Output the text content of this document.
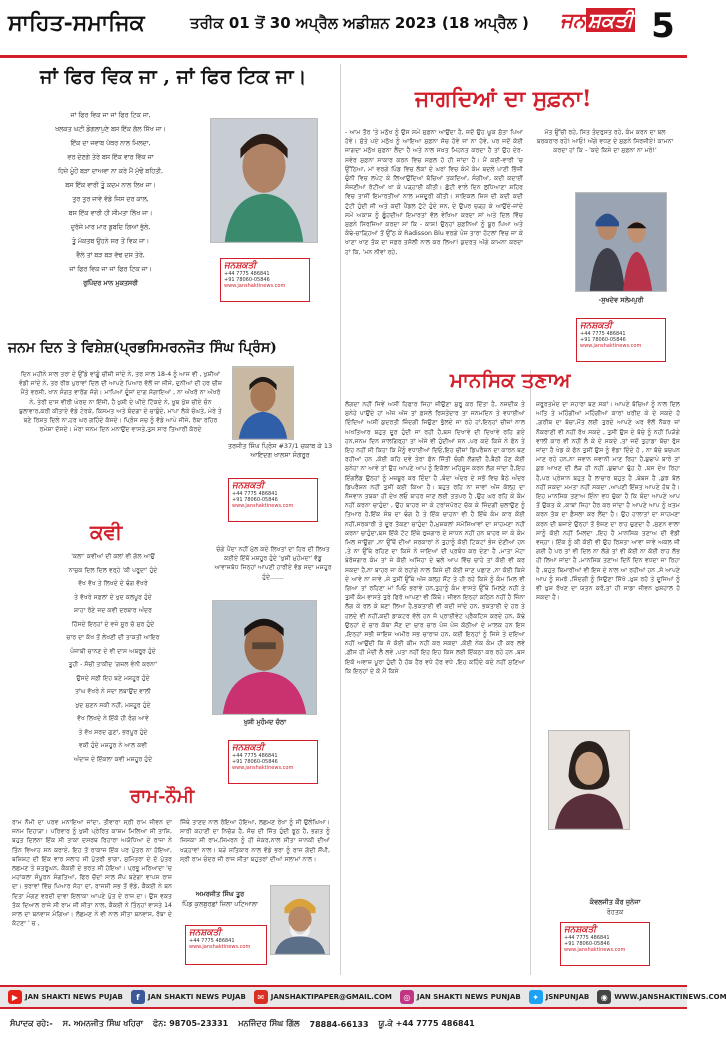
ਸਾਹਿਤ-ਸਮਾਜਿਕ	ਤਰੀਕ 01 ਤੋਂ 30 ਅਪ੍ਰੈਲ ਅਡੀਸ਼ਨ 2023 (18 ਅਪ੍ਰੈਲ ) ਜਨ ਸ਼ਕਤੀ 5
ਜਾਂ ਫਿਰ ਵਿਕ ਜਾ , ਜਾਂ ਫਿਰ ਟਿਕ ਜਾ।

ਜਾਂ ਫਿਰ ਵਿਕ ਜਾ ਜਾਂ ਫਿਰ ਟਿਕ ਜਾ,

ਖਲਕਤ ਘਟੀ ਡੋਗਲਾਪੁਣੇ ਬਸ ਇੱਕ ਗੱਲ ਸਿੱਖ ਜਾ।

ਇੱਕ ਦਾ ਜਵਾਬ ਪੱਥਰ ਨਾਲ ਮਿਲਦਾ,

ਵਰ ਦੇਣਗੇ ਤੇਰੇ ਬਸ ਇੱਕ ਵਾਰ ਵਿੱਕ ਜਾ

ਹਿਜ਼ੇ ਮੂੰਹੋਂ ਬੜਾ ਦਾਅਵਾ ਨਾ ਕਰੇ ਮੈਂ ਮੁੱਢੋਂ ਬਹਿਤੀ,

ਬਸ ਇੱਕ ਵਾਰੀ ਤੂੰ ਕਦਮ ਨਾਲ ਲਿਖ ਜਾ।

ਤੁਰ ਤੁਰ ਜਾਵੇ ਵੱਡੇ ਜਿਸ ਦਰ ਕਾਲ,

ਬਸ ਇੱਕ ਵਾਰੀ ਹੀ ਸੀਮਤਾ ਲਿੱਖ ਜਾ।

ਦੁਰੱਜੇ ਮਾਰ ਮਾਰ ਡੁਬਦਿ ਗਿਆਂ ਭੁੱਲੇ,

ਤੂੰ ਮੱਕਤਬ ਉਹਨੇ ਸਰ ਤੋਂ ਵਿਕ ਜਾ।

ਵੈਲੇ ਤਾਂ ਬੜ ਬੜ ਵੱਢ ਦਸ ਤੇਰੇ,

ਜਾਂ ਫਿਰ ਵਿਕ ਜਾ ਜਾਂ ਫਿਰ ਟਿਕ ਜਾ।

ਰੁਪਿੰਦਰ ਮਾਨ ਮੁਕਤਸਰੀ

ਜਨਸ਼ਕਤੀ
+44 7775 486841
+91 78060-05846
www.janshaktinews.com
ਜਨਮ ਦਿਨ ਤੇ ਵਿਸ਼ੇਸ਼(ਪ੍ਰਭਸਿਮਰਨਜੋਤ ਸਿੰਘ ਪ੍ਰਿੰਸ)
ਦਿਨ ਮਹੀਨੇ ਸਾਲ ਤਰਾ ਦੇ ਉੱਡੇ ਵਾਂਗੂੰ ਚੀਜ਼ੀ ਜਾਂਦੇ ਨੇ, ਤਰ ਸਾਲ 18-4 ਨੂੰ ਆਜ ਵੀ , ਖੁਸ਼ੀਆਂ ਵੰਡੀ ਜਾਂਦੇ ਨੇ, ਤਰ ਰੀਝ ਪੁਰਾਵਾਂ ਦਿਲ ਦੀ ਆਪਣੇ ਪਿਆਰ ਵੱਲੋਂ ਜਾ ਜੀਜੇ, ਦੁਨੀਆਂ ਦੀ ਹਰ ਚੀਜ਼ ਮੈਂਤੇ ਵਰਸੀ, ਖਾਨ ਸੰਗਤ ਵਾਰੋਂਗ ਜੱਗੇ। ਮਾਪਿਆਂ ਦੂੰਜਾਂ ਦਾਗ ਸੋਗਾਇਆਂ , ਨਾ ਅੱਖਰੋ ਨਾ ਅੱਖਰੋ ਨੇ, ਤੇਰੀ ਦਾਸ ਵੀਰੀ ਘੇਰਦ ਨਾ ਇੱਜੀ, ਹੈ ਖੁਸ਼ੀ ਦੇ ਘੀਏ ਟਿੱਕਦੇ ਨੇ, ਖੂਬ ਖੁੱਸ਼ ਚੀਏ ਚੰਨ ਬੁਲਾਵਾਰ,ਕਰੀ ਕੀਤਾਏ ਵੱਡੇ ਟੇਰਕੇ, ਕਿਸਮਤ ਅਤੇ ਬੰਦਗਾ ਦੇ ਚਾਬੁੰਦੇ, ਮਾਪਾ ਲੋਕੇ ਚੰਘਤੇ, ਮੇਰੇ ਤੇ ਬਣੇ ਰਿਸ਼ਤ ਦਿਲੇ ਨਾ,ਹਰ ਘਰ ਗਹਿੰਦੇ ਕੱਸਦੇ। ਪ੍ਰਿੰਸ ਸਚ ਨੂੰ ਵੱਡੇ ਆਪੇ ਜੀਜੇ, ਰੱਬਾ ਰਹਿਰ ਰਮੇਸ਼ਾ ਦੱਸਦੇ। ਮੇਰਾ ਜਨਮ ਦਿਨ ਮਨਾਉਂਦ ਵਾਸਤੇ,ਤੁਸ ਸਾਰ ਤਿਆਰੀ ਕੱਰਦੇ
ਤਰਜੀਤ ਸਿੰਘ ਪ੍ਰਿੰਸ #37/1 ਚਕਾਬ ਕੇ 13 ਆਇਦਗ ਖਾਲਸਾ ਸੰਗਰੂਰ
ਜਨਸ਼ਕਤੀ
+44 7775 486841
+91 78060-05846
www.janshaktinews.com
ਕਵੀ

'ਕਲਾ' ਕਵੀਆਂ ਦੀ ਕਲਾਂ ਵੀ ਗੱਲ ਆਉਂ

ਨਾਜ਼ੁਕ ਦਿਲ ਦਿਲ ਵਰ੍ਹੇ 'ਕੀ ਪਰੂਦਾ' ਹੁੰਦੇ

ਵੱਖ ਵੱਖ ਤੇ ਲਿਖਦੇ ਦੇ ਢੰਗ ਵੱਖਰੇ

ਤੇ ਵੱਖਰੇ ਸਫ਼ਲਾਂ ਦੇ ਖੁਦ ਕਲਪੂਰ ਹੁੰਦੇ

ਸ਼ਾਹਾ ਰੋਣੇ ਜਦ ਕਵੀ ਦਰਬਾਰ ਅੰਦਰ

ਹਿੱਸਦੇ ਇਨ੍ਹਾਂ ਦੇ ਵਜੇ ਸੂਰ ਚੋ ਸੁਰ ਹੁੰਦੇ

ਚਾਰ ਦਾ ਕੱਖ ਤੋਂ ਲੇਖਣੀ ਦੀ ਤਾਕਤੀ ਆਇਰ

ਪੰਜਾਬੀ ਚਾਨਣ ਦੇ ਵੀ ਦਾਸ ਅਬਰੂਰ ਹੁੰਦੇ

ਤੂਹੀ - ਸੱਚੀ ਤਾਕੀਦ 'ਗਜ਼ਲ ਵੰਨੀ ਕਰਨਾ'

ਉਸਦੇ ਸਫ਼ੀ ਇਹ ਬਣੇ ਮਸ਼ਹੂਰ ਹੁੰਦੇ

ਤਾਂਘ ਵੱਖਰੇ ਨੇ ਸਦਾ ਲਬਾਉਂਦ ਵਾਲੀ

ਖੁਦ ਸੁਣਨ ਸਕੀ ਨਹੀਂ, ਮਸ਼ਹੂਰ ਹੁੰਦੇ

ਵੱਖ ਲਿਖਦੇ ਨੇ ਇੱਕੋ ਹੀ ਰੰਗ ਆਵੇ

ਤੇ ਵੱਖ ਸਰਦ ਗੁਣਾਂ, ਭਰਪੂਰ ਹੁੰਦੇ

ਵਕੀ ਹੁੰਦੇ ਮਸ਼ਹੂਰ ਨੇ ਆਲ ਕਵੀ

ਅੰਦਾਜ਼ ਦੇ ਇੱਕਲਾ ਕਵੀ ਮਸ਼ਹੂਰ ਹੁੰਦੇ

ਚੰਗੇ ਪੈਂਦਾ ਨਹੀਂ ਮੁੱਲ ਕਦੇ ਲਿਖਤਾਂ ਦਾ ਹਿਰ ਦੀ ਲਿਖਤ ਕਈਏ ਇੱਥੋਂ ਮਸ਼ਹੂਰ ਹੁੰਦੇ 'ਖੁਸ਼ੀ ਮੁਹੰਮਦਾ' ਵੱਡੂ ਆਵਾਜ਼ਬੱਧ ਜਿਨ੍ਹਾਂ ਆਪਣੀ ਹਾਰੀਏ ਵੱਡ ਸਦਾ ਮਸ਼ਹੂਰ ਹੁੰਦੇ.......
ਖੁਸ਼ੀ ਮੁਹੰਮਦ ਚੱਠਾ
ਜਨਸ਼ਕਤੀ
+44 7775 486841
+91 78060-05846
www.janshaktinews.com
ਰਾਮ-ਨੌਮੀ
ਰਾਮ ਨੌਮੀ ਦਾ ਪਰਵ ਮਨਾਇਆ ਜਾਂਦਾ, ਤੀਵਾਰਾ ਸ੍ਰੀ ਰਾਮ ਜੀਵਨ ਦਾ ਜਨਮ ਦਿਹਾੜਾ। ਪਰਿਵਾਰ ਨੂੰ ਖੁਸ਼ੀ ਪ੍ਰੇਰਿਤ ਕਾਸ਼ਮ ਮਿਲਿਆ ਸੀ ਤਾਸ਼ਿ, ਬਹੁਤ ਦਿਲਨਾ ਇੱਕ ਸੀ ਤਾਕਾ ਦਸਰਥ ਰਿਹਾਰਾ ਅਯੋਧਿਆ ਦੇ ਰਾਜਾ ਨੇ ਤਿੰਨ ਵਿਆਹ ਸਨ ਕਰਾਏ, ਇਹ ਤੋਂ ਰਾਕਾਜ ਇੱਕ ਪਰ ਪੁੱਤਰ ਨਾ ਹੋਇਆ, ਬਸ਼ਿਸ਼ਟ ਦੀ ਇੱਕ ਵਾਰ ਸਲਾਹ ਸੀ ਪੁੱਤਰੀ ਭਾਗਾ, ਸੁਮਿੱਤਰਾ ਦੇ ਦੋ ਪੁੱਤਰ ਲਛਮਣ ਤੇ ਸ਼ਤਰੂਘਨ, ਕੈਕਈ ਦੇ ਭਰਤ ਸੀ ਹੋਇਆ। ਪ੍ਰਭੂ ਮਰਿਆਦਾ 'ਚ ਮਹਾਂਕਲਾ ਸੰਪੂਰਨ ਸੰਗਤਿਆਂ, ਫਿਰ ਚੌਦਾਂ ਸਾਲ ਸੌਂਪ ਬਣੇਗਾ ਵਾਪਸ ਰਾਜ ਦਾ। ਭਰਾਵਾਂ ਵਿੱਚ ਪਿਆਰ ਸੋਹਾ ਦਾ, ਰਾਜਸੀ ਸਭ ਤੋਂ ਵੱਡੇ, ਕੈਕਈ ਨੇ ਬਨ ਦਿਤਾ ਮੰਗਣ ਵਰਦੀ ਦਾਵਾ ਇਲਾਕਾ ਆਪਣੇ ਪੁੱਤ ਦੇ ਰਾਜ ਦਾ। ਉਸ ਵਕਤ ਤੱਕ ਦਿਆਲ ਰਾਜੇ ਸੀ ਰਾਮ ਜੀ ਸੀਤਾ ਨਾਲ, ਕੈਕਈ ਨੇ ਤਿੰਨ੍ਹਾਂ ਵਾਸਤੇ 14 ਸਾਲ ਦਾ ਬਨਵਾਸ ਮੰਗਿਆ। ਲੱਛਮਣ ਨੇ ਵੀ ਨਾਲ ਸੀਤਾ ਬਨਵਾਸ, ਰੱਬਾ ਦੇ ਕੱਟਣਾ ' ਚ ,
ਜਿੱਥੇ ਤਾਣਦ ਨਾਲ ਰੋਇਆ ਹੋਇਆ, ਲਛਮਣ ਰੇਖਾ ਨੂੰ ਸੀ ਉਲੰਘਿਆ। ਸਾਰੀ ਕਹਾਣੀ ਦਾ ਨਿਚੋੜ ਹੈ, ਸੱਚ ਦੀ ਜਿੱਤ ਹੁੰਦੀ ਝੂਠ ਹੈ, ਭਗਤ ਨੂੰ ਜਿਸਕਾ ਸੀ ਰਾਮ,ਸਿਮਰਨ ਨੂੰ ਹੀ ਜੇਕਰ,ਨਾਲ ਸੀਤਾ ਜਾਨਕੀ ਦੀਆਂ ਖੜ੍ਹਾਵਾਂ ਨਾਲ। ਬੜੇ ਸਤਿਕਾਰ ਨਾਲ ਵੱਡੇ ਭਰਾ ਨੂੰ ਰਾਜ ਗੱਦੀ ਸੌਂਪੀ, ਸ੍ਰੀ ਰਾਮ ਚੰਦਰ ਜੀ ਰਾਜ ਸੀਤਾ ਬਹੁਤਰਾਂ ਦੀਆਂ ਸਲਾਮਾਂ ਨਾਲ।
ਅਮਰਜੀਤ ਸਿੰਘ ਤੂਰ
ਪਿੰਡ ਕੁਲਬੁਰਛਾਂ ਜ਼ਿਲਾ ਪਟਿਆਲਾ
ਜਨਸ਼ਕਤੀ
+44 7775 486841
www.janshaktinews.com
ਜਾਗਦਿਆਂ ਦਾ ਸੁਫ਼ਨਾ!
- ਆਮ ਤੌਰ 'ਤੇ ਮਨੁੱਖ ਨੂੰ ਉਸ ਸਮੇਂ ਸੁਫ਼ਨਾ ਆਉਂਦਾ ਹੈ, ਜਦੋਂ ਉਹ ਘੂਕ ਸੁੱਤਾ ਪਿਆ ਹੋਵੇ। ਸੁੱਤੇ ਪਏ ਮਨੁੱਖ ਨੂੰ ਆਇਆ ਸੁਫ਼ਨਾ ਸੱਚ ਹੋਵੇ ਜਾਂ ਨਾ ਹੋਵੇ, ਪਰ ਜਦੋਂ ਕੋਈ ਜਾਗਦਾ ਮਨੁੱਖ ਸੁਫ਼ਨਾ ਲੈਂਦਾ ਹੈ ਅਤੇ ਨਾਲ ਸਖ਼ਤ ਮਿਹਨਤ ਕਰਦਾ ਹੈ ਤਾਂ ਉਹ ਦੇਰ-ਸਵੇਰ ਸੁਫ਼ਨਾ ਸਾਕਾਰ ਕਰਨ ਵਿਚ ਸਫ਼ਲ ਹੋ ਹੀ ਜਾਂਦਾ ਹੈ। ਮੈਂ ਕਈ-ਵਾਰੀ 'ਚ ਉੱਠਿਆ, ਮਾਂ ਵਰਗੇ ਪਿੰਡ ਵਿਚ ਲੋਕਾਂ ਦੇ ਘਰਾਂ ਵਿਚ ਕੰਮੋਂ ਕੰਮ ਬਦਲੇ ਪਾਣੀ ਭਿੱਜੀ ਚੁੰਨੀ ਵਿਚ ਲਪੇਟ ਕੇ ਲਿਆਉਂਦਿਆਂ ਬੱਚਿਆਂ ਤਕਦਿਆਂ, ਸੰਗੀਆਂ, ਕਦੀ ਕਦਾਈਂ ਸੰਜਣੀਆਂ ਰੋਟੀਆਂ ਖਾ ਕੇ ਪੜ੍ਹਾਈ ਕੀਤੀ। ਛੁੱਟੀ ਵਾਲੇ ਦਿਨ ਲੁਧਿਆਣਾ ਸ਼ਹਿਰ ਵਿਚ ਤਾਸੀਂ ਇਮਾਰਤੀਆਂ ਨਾਲ ਮਜ਼ਦੂਰੀ ਕੀਤੀ। ਸਾਇਕਲ ਜ਼ਿਸ ਦੀ ਕਦੀ ਕਦੀ ਟੁੱਟੀ ਹੁੰਦੀ ਸੀ ਅਤੇ ਕਦੀ ਪੈਂਡਲ ਟੁੱਟੇ ਹੁੰਦੇ ਸਨ, ਦੇ ਉਪਰ ਚੜ੍ਹ ਕੇ ਆਉਂਦੇ-ਜਾਂਦੇ ਸਮੇਂ ਅਕਾਸ਼ ਨੂੰ ਛੂੰਹਦੀਆਂ ਇਮਾਰਤਾਂ ਵੱਲ ਵੇਖਿਆ ਕਰਦਾ ਸਾਂ ਅਤੇ ਦਿਲ ਵਿੱਚ ਸੁਫ਼ਨੇ ਸਿਰਜਿਆ ਕਰਦਾ ਸਾਂ ਕਿ - ਕਾਸ਼! ਉਨ੍ਹਾਂ ਸੁਫ਼ਨਿਆਂ ਨੂੰ ਬੂਰ ਪਿਆ ਅਤੇ ਕੰਢੇ-ਚਾੜ੍ਹਿਆਂ ਤੋਂ ਉੱਠ ਕੇ Radisson Blu ਵਰਗੇ ਪੰਜ ਤਾਰਾ ਹੋਟਲਾਂ ਵਿਚ ਜਾ ਕੇ ਖਾਣਾ ਖਾਣ ਤੱਕ ਦਾ ਸਫ਼ਰ ਤਸੱਲੀ ਨਾਲ ਕਰ ਲਿਆ! ਕੁਦਰਤ ਅੱਗੇ ਕਾਮਨਾ ਕਰਦਾ ਹਾਂ ਕਿ, 'ਮਨ ਨੀਵਾਂ ਰਹੇ,
ਮੱਤ ਉੱਚੀ ਰਹੇ, ਸਿਤ ਤੰਦਰੁਸਤ ਰਹੇ, ਕੰਮ ਕਰਨ ਦਾ ਬਲ ਬਰਕਰਾਰ ਰਹੇ! ਆਓ! ਅੱਗੇ ਵਧਣ ਦੇ ਸੁਫ਼ਨੇ ਸਿਰਜੀਏ! ਕਾਮਨਾ ਕਰਦਾ ਹਾਂ ਕਿ - 'ਕਦੇ ਕਿਸੇ ਦਾ ਸੁਫ਼ਨਾ ਨਾ ਮਰੇ!'
-ਸੁਖਦੇਵ ਸਲੇਮਪੁਰੀ
ਜਨਸ਼ਕਤੀ
+44 7775 486841
+91 78060-05846
www.janshaktinews.com
ਮਾਨਸਿਕ ਤਣਾਅ
ਲੱਗਦਾ ਨਹੀਂ ਜਿਵੇਂ ਅਸੀਂ ਹਿਫਾਰ ਜਿਹਾ ਜੀਉਣਾ ਸ਼ੁਰੂ ਕਰ ਦਿੱਤਾ ਹੈ, ਨਜ਼ਦੀਕ ਤੇ ਸੁਨੇਹੇ ਪਾਉਂਦੇ ਹਾਂ ਅੱਜ ਅੱਜ ਤਾਂ ਫ਼ਸਲੇ ਰਿਸ਼ਤੇਦਾਰ ਤਾ ਜਨਮਦਿਨ ਤੇ ਵਧਾਈਆਂ ਦਿੰਦਿਆਂ ਅਸੀਂ ਕੁਦਰਤੀ ਜ਼ਿੰਦਗੀ ਜਿਉਣਾ ਭੁੱਲਦੇ ਜਾ ਰਹੇ ਹਾਂ,ਇਨ੍ਹਾਂ ਚੀਜ਼ਾਂ ਨਾਲ ਅਖਤਿਆਰ ਬਹੁਤ ਦੂਰ ਹੁੰਦੀ ਜਾ ਰਹੀ ਹੈ,ਬਸ ਦਿਖਾਵੇ ਦੀ ਦਿਖਾਵੇ ਰਹਿ ਗਏ ਹਨ,ਜਨਮ ਦਿਨ ਸਾਲਗਿਰ੍ਹਾ ਤਾਂ ਅੱਜੇ ਵੀ ਹੁੰਦੀਆਂ ਸਨ ,ਪਰ ਕਦੇ ਕਿਸੇ ਨੇ ਫੋਨ ਤੇ ਇਹ ਨਹੀਂ ਸੀ ਕਿਹਾ ਕਿ ਮੈਂਨੂੰ ਵਧਾਈਆਂ ਦਿਓ,ਇਹ ਚੀਜ਼ਾਂ ਡਿਪਰੈਸ਼ਨ ਦਾ ਕਾਰਨ ਬਣ ਰਹੀਆਂ ਹਨ ,ਕੋਈ ਕਹਿ ਦਵੇ ਤੇਰਾ ਫੋਨ ਜਿੱਤੀ ਚੰਗੀ ਲੱਗਦੀ ਹੈ,ਬੈਠੀ ਹੋਣ ਕੋਈ ਸੁਨੇਹਾ ਨਾ ਆਵੇ ਤਾਂ ਉਹ ਆਪਣੇ ਆਪ ਨੂੰ ਇਕੱਲਾ ਮਹਿਸੂਸ ਕਰਨ ਲੱਗ ਜਾਂਦਾ ਹੈ,ਇਹ ਇੰਗਲੈਂਡ ਉਨ੍ਹਾਂ ਨੂੰ ਮਜ਼ਬੂਰ ਕਰ ਦਿੰਦਾ ਹੈ ,ਬੰਦਾ ਅੰਦਰ ਦੇ ਸਭੋਂ ਵਿਚ ਬੈਠੇ ਅੰਦਰ ਡਿਪਰੈਸ਼ਨ ਨਹੀਂ ਤੁਸੀਂ ਕਈ ਕਿਆ ਹੈ। ਬਹੁਤ ਰਹਿ ਨਾ ਜਾਵਾਂ ਅੱਜ ਕੱਲ੍ਹ ਦਾ ਨੌਜਵਾਨ ਤਬਕਾ ਹੀ ਦੇਖ ਲਓ ਬਾਹਰ ਜਾਣ ਲਈ ਤਤਪਰ ਹੈ ,ਉਹ ਘਰ ਰਹਿ ਕੇ ਕੰਮ ਨਹੀਂ ਕਰਨਾ ਚਾਹੁੰਦਾ , ਉਹ ਬਾਹਰ ਜਾ ਕੇ ਟਰਾਂਸਪੋਰਟ ਚੱਕ ਕੇ ਜਿੰਦਗੀ ਚਲਾਉਣ ਨੂੰ ਤਿਆਰ ਹੈ,ਇੱਕ ਸੰਬ ਦਾ ਢੰਗ ਹੈ ਤੇ ਇੱਕ ਚਾਹਨਾ ਵੀ ਹੈ ਇੱਥੇ ਕੰਮ ਕਾਰ ਕੋਈ ਨਹੀਂ,ਸਰਕਾਰੀ ਤੇ ਦੂਰ ਤੱਕਣਾ ਚਾਹੁੰਦਾ ਹੈ,ਮੁਸ਼ਕਲਾਂ ਸਮੱਸਿਆਵਾਂ ਦਾ ਸਾਹਮਣਾ ਨਹੀਂ ਕਰਨਾ ਚਾਹੁੰਦਾ,ਬਸ ਇੱਕੋ ਟੱਟ ਇੱਥੇ ਰੁਜ਼ਗਾਰ ਦੇ ਸਾਧਨ ਨਹੀਂ ਹਨ ਬਾਹਰ ਜਾ ਕੇ ਕੰਮ ਮਿਲ ਜਾਊਗਾ ,ਨਾ ਉੱਥੋਂ ਦੀਆਂ ਸਰਕਾਰਾਂ ਨੇ ਤੁਹਾਨੂੰ ਕੋਈ ਟਿਕਟਾਂ ਭੇਜ ਦੇਣੀਆਂ ਹਨ ,ਤੇ ਨਾ ਉੱਥੇ ਰਹਿਣ ਦਾ ਕਿਸੇ ਨੇ ਜਾਇਆਂ ਦੀ ਪ੍ਰਬੰਧ ਕਰ ਦੇਣਾ ਹੈ ,ਮਾਤਾ ਮੋਟਾ ਬੇਰੋਜ਼ਗਾਰ ਕੰਮ ਤਾਂ ਜੇ ਕੋਈ ਅਜਿਹਾ ਦੇ ਢਲੇ ਆਪ ਵਿੱਚ ਚਾਹੇ ਤਾਂ ਕੋਈ ਵੀ ਕਰ ਸਕਦਾ ਹੈ,ਨਾ ਬਾਹਰ ਜਾ ਕੇ ਰਹਾਂਗੇ ਨਾਲ ਕਿਸੇ ਦੀ ਕੋਈ ਜਾਣ ਪਛਾਣ ,ਨਾ ਕੋਈ ਕਿਸੇ ਦੇ ਆਵੇ ਨਾ ਜਾਵੇ ,ਜੇ ਤੁਸੀਂ ਉੱਥੇ ਅੱਜ ਕਲ੍ਹ ਸੌਂਟ ਤੇ ਹੀ ਰਹੇ ਕਿਸੇ ਨੂੰ ਕੰਮ ਮਿਲ ਵੀ ਗਿਆ ਤਾਂ ਰਹਿਣਾ ਮਾਂ ਪਿਓ ਭਰਾਵੇ ਹਨ,ਤੁਹਾਨੂੰ ਕੰਮ ਵਾਸਤੇ ਉੱਥੇ ਮਿਲਣੇ ਨਹੀਂ ਤੇ ਤੁਸੀਂ ਕੰਮ ਵਾਸਤੇ ਤੁਰੇ ਫਿਰੋ ਆਪਣਾ ਵੀ ਕਿੱਥੇ। ਜੀਵਨ ਇਨ੍ਹਾਂ ਕਠਿਨ ਨਹੀਂ ਹੈ ਜਿੰਨਾ ਲੱਗ ਕੇ ਰਲ ਕੇ ਬਣਾ ਲਿਆ ਹੈ,ਭਕਤਾਈ ਵੀ ਕਦੀ ਜਾਂਦੇ ਹਨ, ਭਕਤਾਈ ਦੇ ਹਰ ਤੇ ਹਲਦੇ ਵੀ ਨਹੀਂ,ਕਦੀ ਡਾਕਟਰ ਵੱਲੇ ਹਨ ਜੋ ਪ੍ਰਾਈਵੇਟ ਪ੍ਰੈਕਟਿਸ ਕਰਦੇ ਹਨ, ਕੱਢੇ ਉਨ੍ਹਾਂ ਦੇ ਚਾਰ ਕੱਥਾ ਸੌਣ ਦਾ ਚਾਰ ਚਾਰ ਪੰਜ ਪੰਜ ਕੋਠੀਆਂ ਦੇ ਮਾਲਕ ਹਨ ਇਸ ,ਇਨ੍ਹਾਂ ਸਭੀ ਜਾਇਜ਼ ਅਮੀਰ ਸਭ ਚਾਰਾਜ਼ ਹਨ, ਕਈ ਇਨ੍ਹਾਂ ਨੂੰ ਜਿਸੇ ਤੇ ਦਇਆ ਨਹੀਂ ਆਉਂਦੀ ਕਿ ਜੋ ਕੋਈ ਕੀਮ ਨਹੀਂ ਕਰ ਸਕਦਾ ,ਕੋਈ ਨੇਕ ਕੰਮ ਹੀ ਕਰ ਲਵੇ ,ਫ਼ੀਸ ਹੀ ਮੰਦੀ ਲੈ ਲਵੇ ,ਪਤਾ ਨਹੀਂ ਇਹ ਇਹ ਕਿਸ ਲਈ ਇੱਕਠਾ ਕਰ ਰਹੇ ਹਨ ,ਬਸ ਇਕੋ ਅਵਾਜ਼ ਪੂਰਾ ਹੁੰਦੀ ਹੈ ਹੱਕ ਹੈਰ ਵਧੇ ਹੋਰ ਵਧੇ ,ਇਹ ਕਹਿੰਦੇ ਕਦੇ ਨਹੀਂ ਸੁਣਿਆ ਕਿ ਇਨ੍ਹਾਂ ਦੇ ਕੋ ਮੈਂ ਕਿਸੇ
ਜ਼ਰੂਰਤਮੰਦ ਦਾ ਸਹਾਰਾ ਬਣ ਸਕਾਂ। ਆਪਣੇ ਬੱਚਿਆਂ ਨੂੰ ਨਾਲ ਦਿਲ ਅਤਿ ਤੇ ਮਹਿੰਗੀਆਂ ਮਹਿੰਗੀਆਂ ਕਾਰਾਂ ਖ਼ਰੀਦ ਕੇ ਦੇ ਸਕਦੇ ਹੋ ,ਗ਼ਰੀਬ ਦਾ ਬੱਚਾ,ਮੌਤ ਲਈ ਤੁਰਦੇ ਆਪਣੇ ਘਰ ਵੱਲੋਂ ਨੌਕਰ ਜ਼ਾਂ ਨੌਕਰਾਣੀ ਵੀ ਨਹੀਂ ਰੱਖ ਸਕਦੇ , ਤੁਸੀਂ ਉਸ ਦੇ ਬੱਚੇ ਨੂੰ ਨਹੀਂ ਪਿੜੋਗੇ ਵਾਲੀ ਕਾਰ ਵੀ ਨਹੀਂ ਲੈ ਕੇ ਦੇ ਸਕਦੇ ,ਤਾਂ ਜਦੋਂ ਤੁਹਾਡਾ ਬੱਚਾ ਰੁੱਸ ਜਾਂਦਾ ਹੈ ਖੇਡ ਕੇ ਫੋਨ ਤੁਸੀਂ ਉਸ ਨੂੰ ਵੱਡਾ ਦਿੰਦੇ ਹੋ , ਨਾ ਬੱਚੇ ਬਚਪਨ ਮਾਣ ਰਹੇ ਹਨ,ਨਾ ਜਵਾਨ ਜਵਾਨੀ ਮਾਣ ਰਿਹਾ ਹੈ,ਬੁਢਾਪੇ ਬਾਰੇ ਤਾਂ ਕੁਝ ਆਖਣ ਦੀ ਲੋੜ ਹੀ ਨਹੀਂ ,ਬੁਢਾਪਾ ਢੁੱਹ ਹੈ ,ਬਸ ਦੇਖ ਰਿਹਾ ਹੈ,ਪਰ ਪ੍ਰੇਸ਼ਾਨ ਬਹੁਤ ਹੈ ਲਾਚਾਰ ਬਹੁਤ ਹੈ ,ਬੇਬਸ ਹੈ ,ਕੁਝ ਬੋਲ ਨਹੀਂ ਸਕਦਾ ਮਮਤਾ ਨਹੀਂ ਸਕਦਾ ,ਆਪਣੀ ਇੱਜ਼ਤ ਆਪਣੇ ਹੱਥ ਹੈ। ਇਹ ਮਾਨਸਿਕ ਤਣਾਅ ਇੰਨਾ ਵਧ ਚੁੱਕਾ ਹੈ ਕਿ ਬੰਦਾ ਆਪਣੇ ਆਪ ਤੋਂ ਉਕਤ ਕੇ ,ਕਾਬਾਂ ਜਿਹਾ ਹੈਰ ਕਰ ਜਾਂਦਾ ਹੈ ਆਪਣੇ ਆਪ ਨੂੰ ਖ਼ਤਮ ਕਰਨ ਤੱਕ ਦਾ ਫ਼ੈਸਲਾ ਕਰ ਲੈਂਦਾ ਹੈ। ਉਹ ਹਾਲਾਤਾਂ ਦਾ ਸਾਹਮਣਾ ਕਰਨ ਦੀ ਬਜਾਏ ਉਨ੍ਹਾਂ ਤੋਂ ਭੱਜਣ ਦਾ ਰਾਹ ਚੁਣਦਾ ਹੈ ,ਸੁਣਨ ਵਾਲਾ ਸਾਨੂੰ ਕੋਈ ਨਹੀਂ ਮਿਲਦਾ ,ਇਹ ਹੈ ਮਾਨਸਿਕ ਤਣਾਅ ਦੀ ਵੱਡੀ ਵਜ੍ਹਾ। ਇੱਕ ਨੂੰ ਕੀ ਕੋਈ ਵੀ ਉਹ ਰਿਸ਼ਤਾ ਆਵਾ ਜਾਵੇ ਅਕਲ ਜੀ ਗਈ ਹੈ ਪਰ ਤਾਂ ਵੀ ਦਿਲ ਨਾ ਲੱਗੇ ਤਾਂ ਵੀ ਕੋਈ ਨਾ ਕੋਈ ਰਾਹ ਲੱਭ ਹੀ ਲਿਆ ਜਾਂਦਾ ਹੈ ,ਮਾਨਸਿਕ ਤਣਾਅ ਦਿਨੋਂ ਦਿਨ ਵਧਦਾ ਜਾ ਰਿਹਾ ਹੈ ,ਬਹੁਤ ਬਿਮਾਰੀਆਂ ਵੀ ਇਸ ਦੇ ਨਾਲ ਆ ਰਹੀਆਂ ਹਨ ,ਸੋ ਆਪਣੇ ਆਪ ਨੂੰ ਸਮਝੋ ,ਜ਼ਿੰਦਗੀ ਨੂੰ ਜਿਉਣਾ ਸਿੱਖੋ ,ਖ਼ੁਸ਼ ਰਹੋ ਤੇ ਦੂਜਿਆਂ ਨੂੰ ਵੀ ਖ਼ੁਸ਼ ਰੱਖਣ ਦਾ ਯਤਨ ਕਰੋ,ਤਾਂ ਹੀ ਸਾਡਾ ਜੀਵਨ ਖ਼ੁਸ਼ਹਾਲ ਹੋ ਸਕਦਾ ਹੈ।
ਕੰਵਲਜੀਤ ਕੌਰ ਜੁਨੇਜਾ
ਰੋਹਤਕ
ਜਨਸ਼ਕਤੀ
+44 7775 486841
+91 78060-05846
www.janshaktinews.com
▶ JAN SHAKTI NEWS PUJAB	f	JAN SHAKTI NEWS PUJAB	✉ JANSHAKTIPAPER@GMAIL.COM	◎ JAN SHAKTI NEWS PUNJAB	✦ JSNPUNJAB	◉ WWW.JANSHAKTINEWS.COM
ਸੰਪਾਦਕ ਰਹੇ:- ਸ. ਅਮਨਜੀਤ ਸਿੰਘ ਖਹਿਰਾ ਫੋਨ: 98705-23331 ਮਨਜਿੰਦਰ ਸਿੰਘ ਗਿੱਲ 78884-66133 ਯੂ.ਕੇ +44 7775 486841
